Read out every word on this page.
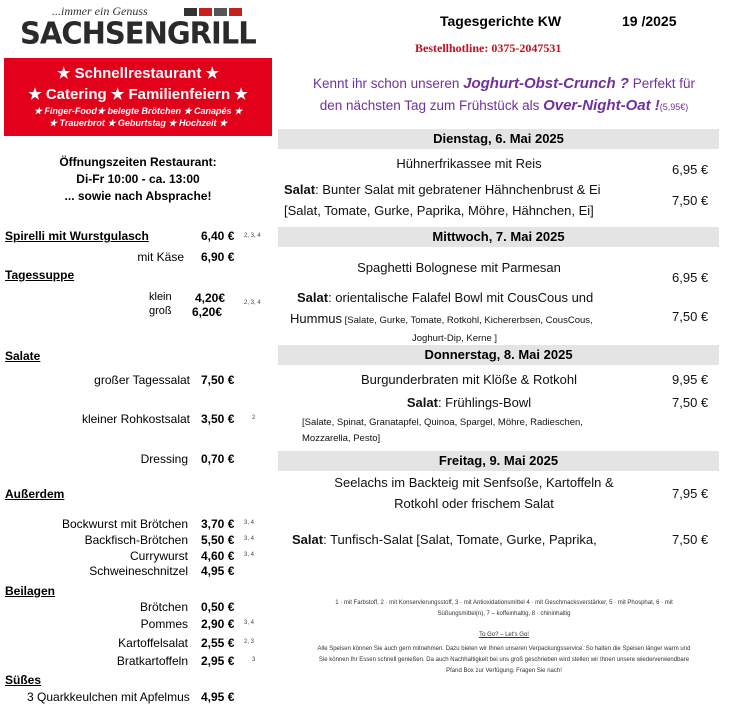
...immer ein Genuss
SACHSENGRILL
★ Schnellrestaurant ★
★ Catering ★ Familienfeiern ★
★ Finger-Food★ belegte Brötchen ★ Canapés ★
★ Trauerbrot ★ Geburtstag ★ Hochzeit ★
Öffnungszeiten Restaurant:
Di-Fr 10:00 - ca. 13:00
... sowie nach Absprache!
Spirelli mit Wurstgulasch	6,40 € 2, 3, 4
mit Käse 6,90 €
Tagessuppe
klein 4,20€
groß 6,20€
2, 3, 4
Salate
großer Tagessalat 7,50 €
kleiner Rohkostsalat 3,50 €	2
Dressing 0,70 €
Außerdem
Bockwurst mit Brötchen 3,70 € 3, 4
Backfisch-Brötchen 5,50 € 3, 4
Currywurst 4,60 € 3, 4
Schweineschnitzel 4,95 €
Beilagen
Brötchen 0,50 €
Pommes 2,90 € 3, 4
Kartoffelsalat 2,55 € 2, 3
Bratkartoffeln 2,95 €	3
Süßes
3 Quarkkeulchen mit Apfelmus 4,95 €
Tagesgerichte KW	19 /2025
Bestellhotline: 0375-2047531
Kennt ihr schon unseren Joghurt-Obst-Crunch ? Perfekt für
den nächsten Tag zum Frühstück als Over-Night-Oat !(5,95€)
Dienstag, 6. Mai 2025
Hühnerfrikassee mit Reis	6,95 €
Salat: Bunter Salat mit gebratener Hähnchenbrust & Ei
[Salat, Tomate, Gurke, Paprika, Möhre, Hähnchen, Ei]
7,50 €
Mittwoch, 7. Mai 2025
Spaghetti Bolognese mit Parmesan
6,95 €
Salat: orientalische Falafel Bowl mit CousCous und
Hummus [Salate, Gurke, Tomate, Rotkohl, Kichererbsen, CousCous,
Joghurt-Dip, Kerne ]
7,50 €
Donnerstag, 8. Mai 2025
Burgunderbraten mit Klöße & Rotkohl	9,95 €
Salat: Frühlings-Bowl
[Salate, Spinat, Granatapfel, Quinoa, Spargel, Möhre, Radieschen,
Mozzarella, Pesto]
7,50 €
Freitag, 9. Mai 2025
Seelachs im Backteig mit Senfsoße, Kartoffeln &
Rotkohl oder frischem Salat
7,95 €
Salat: Tunfisch-Salat [Salat, Tomate, Gurke, Paprika,	7,50 €
1 · mit Farbstoff, 2 · mit Konservierungsstoff, 3 · mit Antioxidationsmittel 4 · mit Geschmacksverstärker, 5 · mit Phosphat, 6 · mit
Süßungsmittel(n), 7 – koffeinhaltig, 8 · chininhaltig
To Go? – Let's Go!
Alle Speisen können Sie auch gern mitnehmen. Dazu bieten wir Ihnen unseren Verpackungsservice. So halten die Speisen länger warm und
Sie können Ihr Essen schnell genießen. Da auch Nachhaltigkeit bei uns groß geschrieben wird stellen wir Ihnen unsere wiederverwendbare
Pfand Box zur Verfügung. Fragen Sie nach!
